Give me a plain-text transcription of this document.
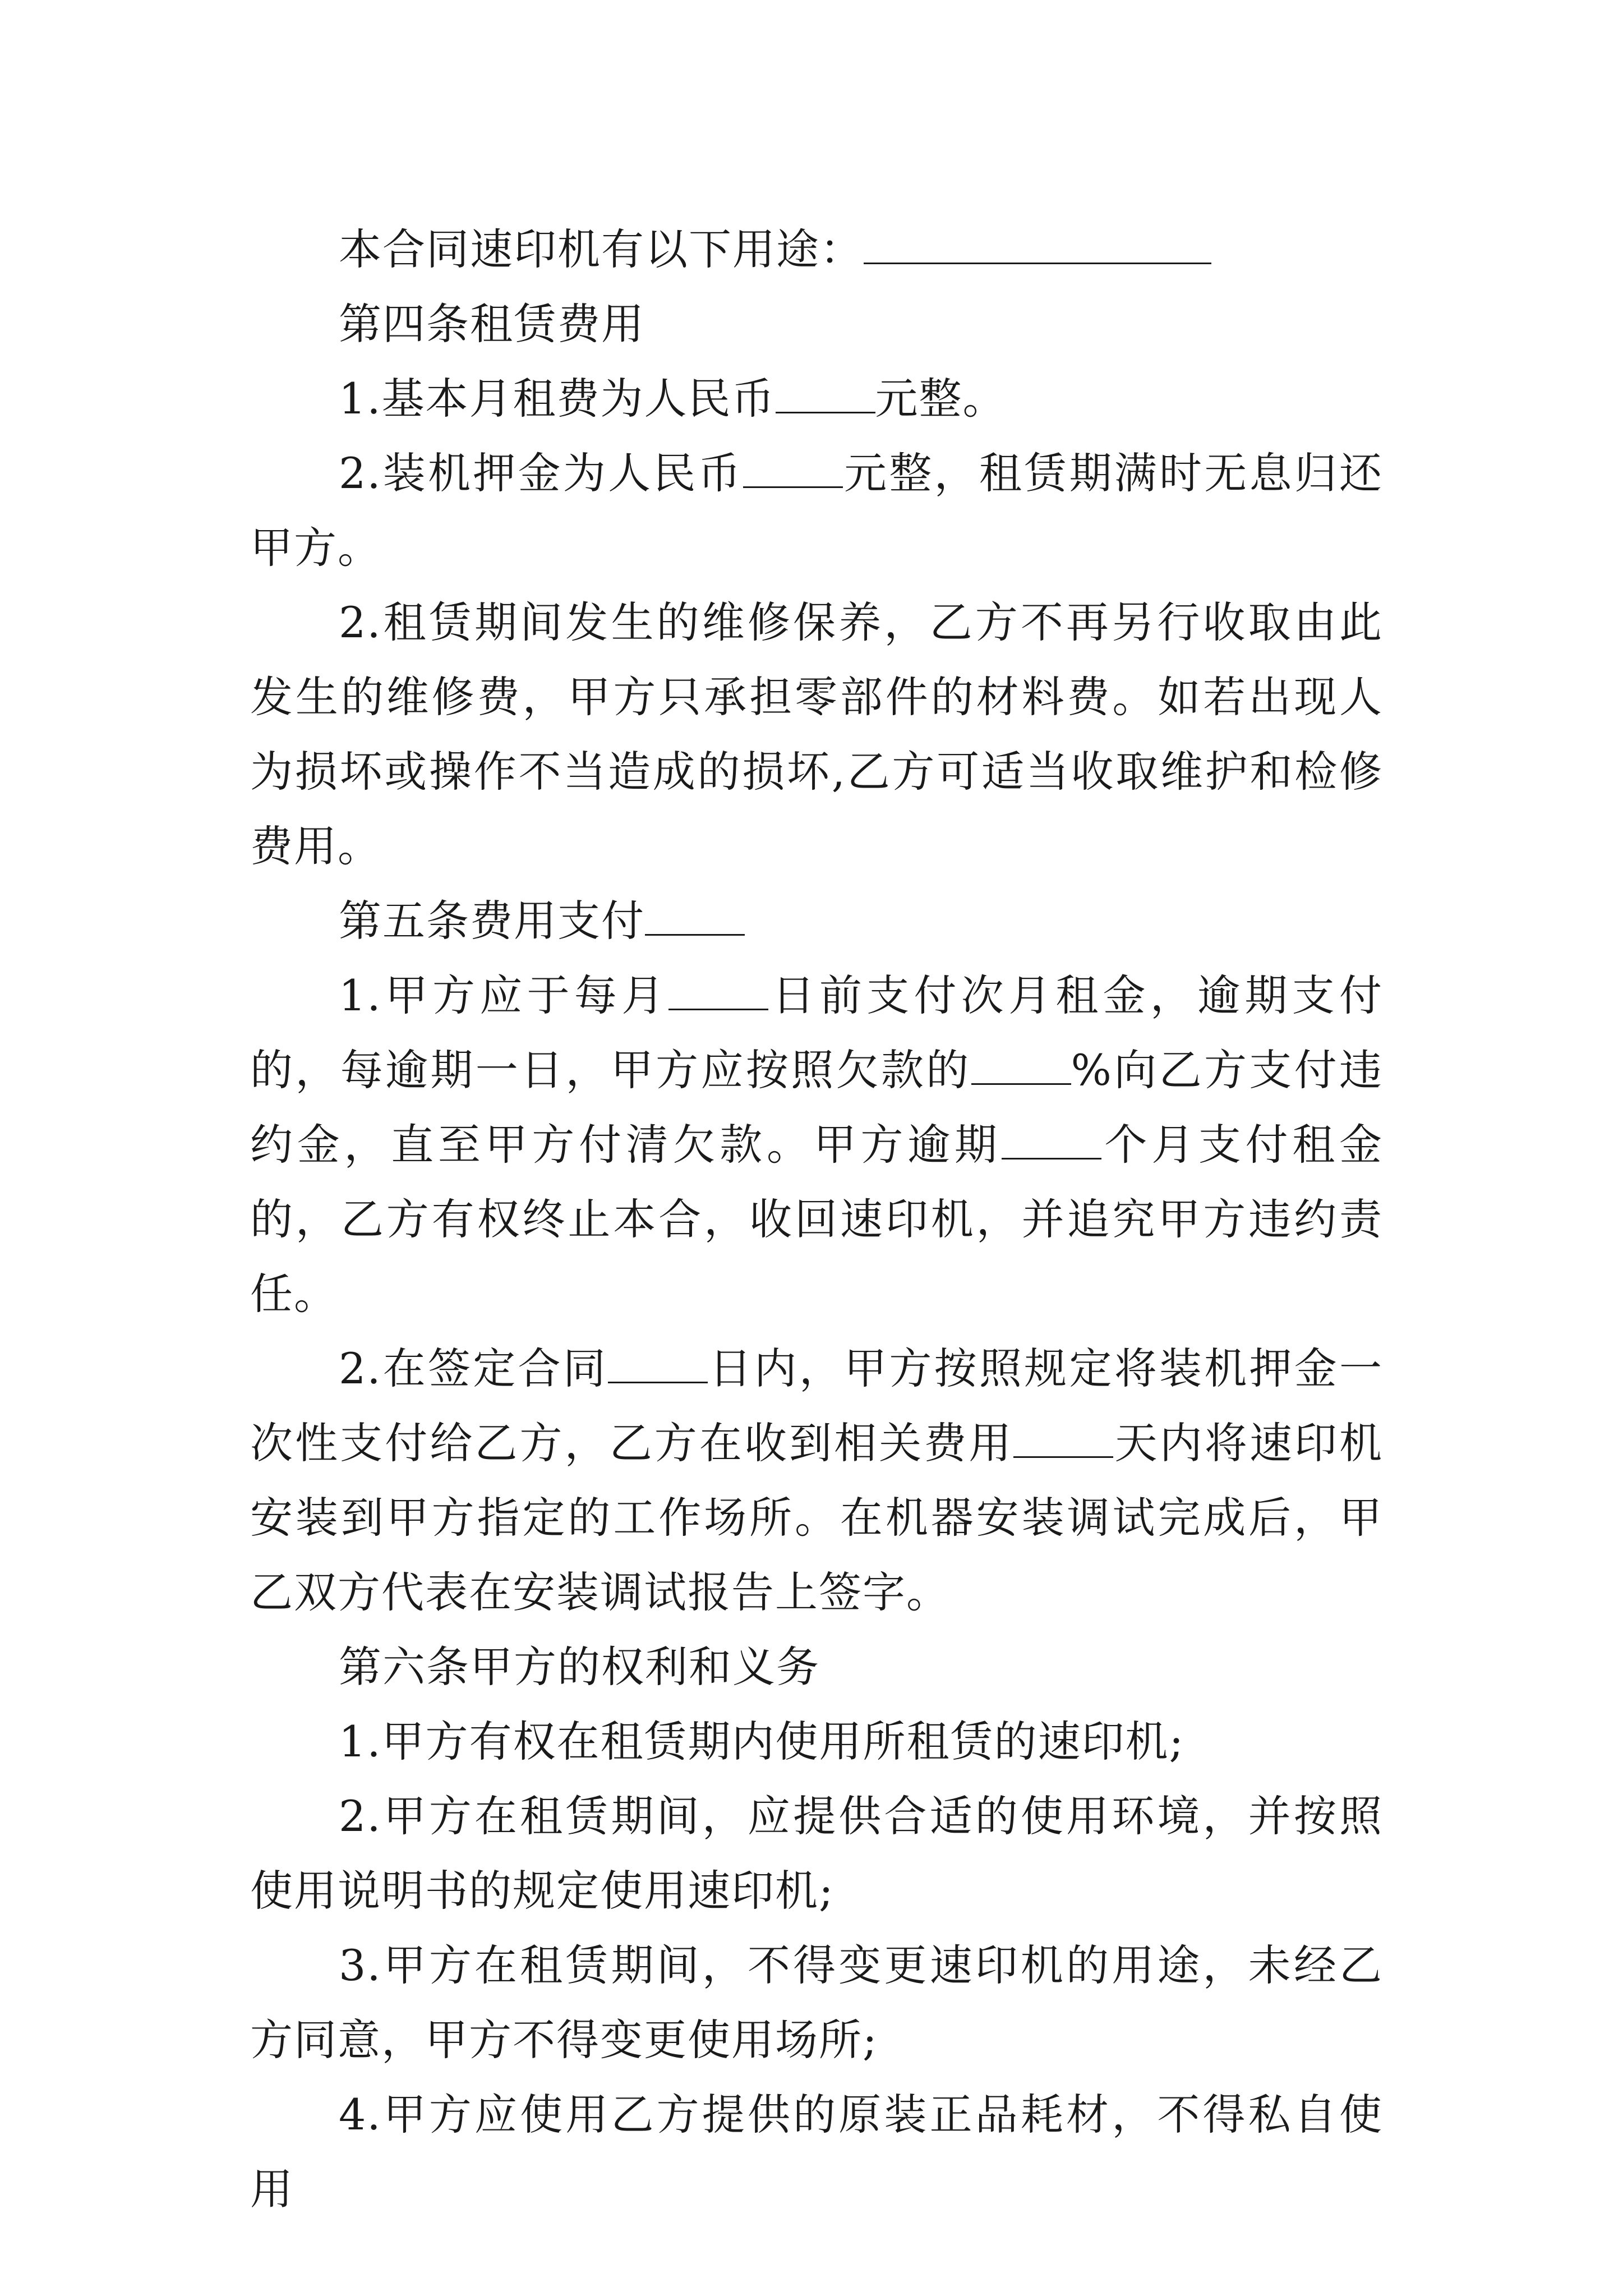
本合同速印机有以下用途：

第四条租赁费用

1.基本月租费为人民币 元整。

2.装机押金为人民币 元整，租赁期满时无息归还甲方。

2.租赁期间发生的维修保养，乙方不再另行收取由此发生的维修费，甲方只承担零部件的材料费。如若出现人为损坏或操作不当造成的损坏,乙方可适当收取维护和检修费用。

第五条费用支付

1.甲方应于每月 日前支付次月租金，逾期支付的，每逾期一日，甲方应按照欠款的 %向乙方支付违约金，直至甲方付清欠款。甲方逾期 个月支付租金的，乙方有权终止本合，收回速印机，并追究甲方违约责任。

2.在签定合同 日内，甲方按照规定将装机押金一次性支付给乙方，乙方在收到相关费用 天内将速印机安装到甲方指定的工作场所。在机器安装调试完成后，甲乙双方代表在安装调试报告上签字。

第六条甲方的权利和义务

1.甲方有权在租赁期内使用所租赁的速印机;

2.甲方在租赁期间，应提供合适的使用环境，并按照使用说明书的规定使用速印机;

3.甲方在租赁期间，不得变更速印机的用途，未经乙方同意，甲方不得变更使用场所;

4.甲方应使用乙方提供的原装正品耗材，不得私自使用
